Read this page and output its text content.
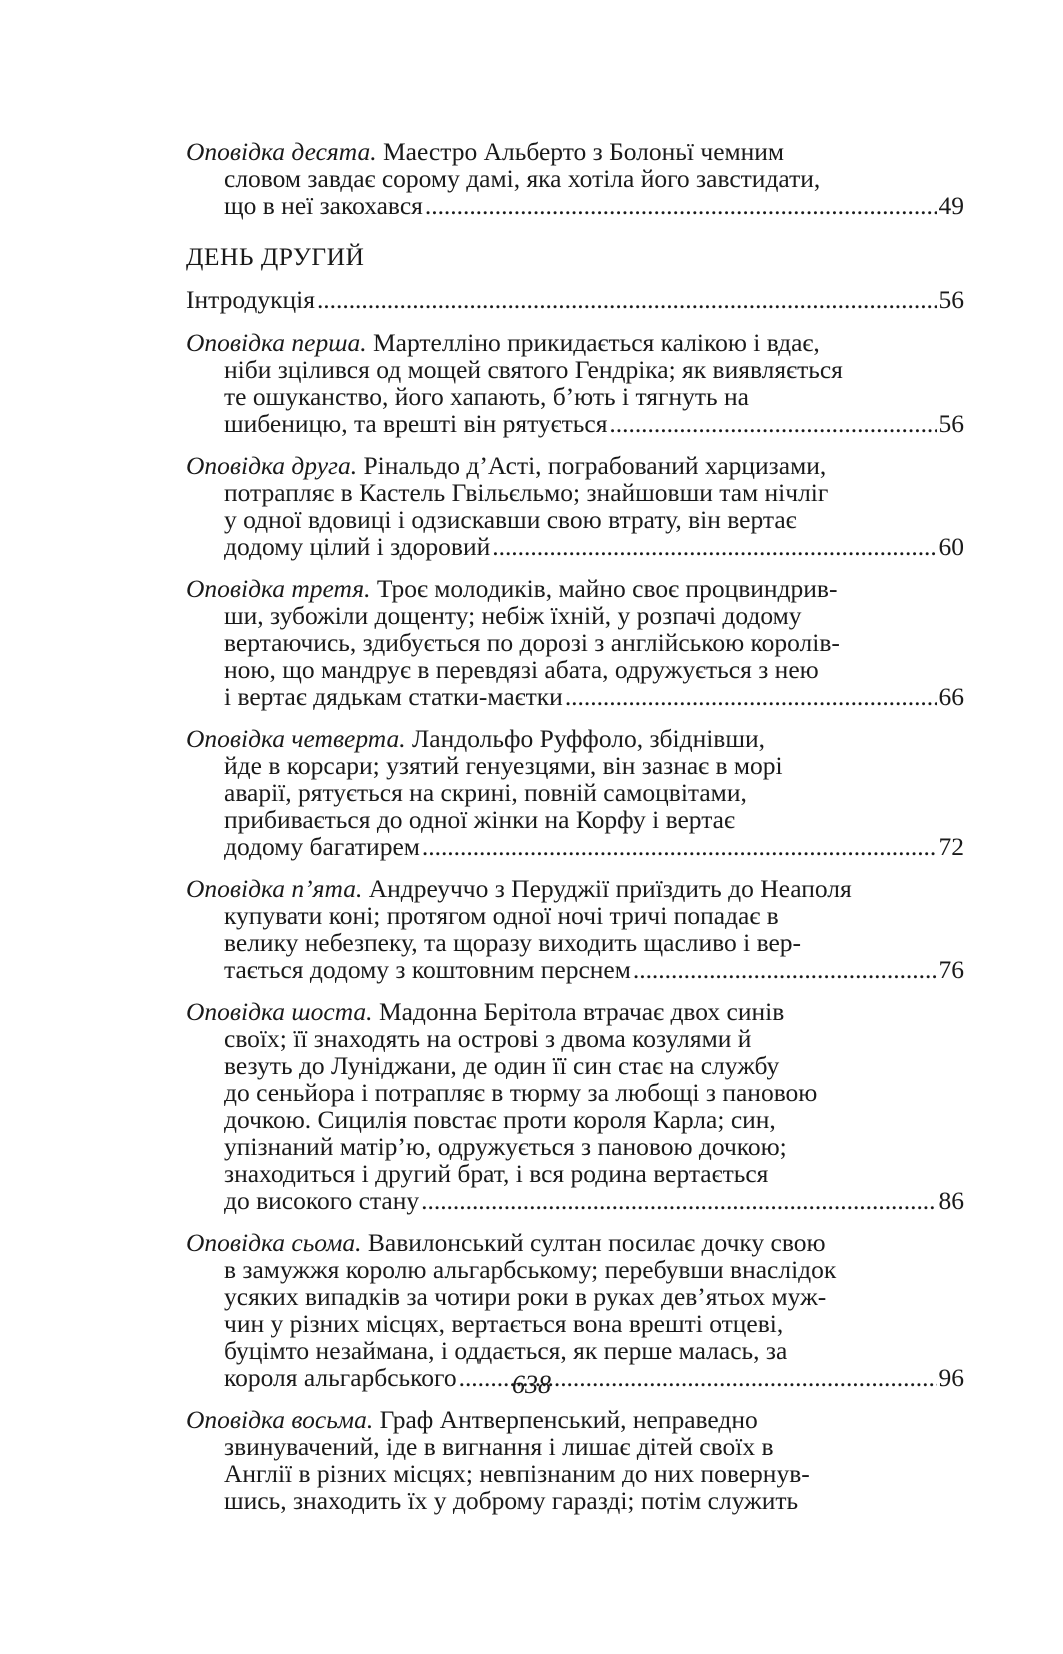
Оповідка десята. Маестро Альберто з Болоньї чемним
словом завдає сорому дамі, яка хотіла його завстидати,
що в неї закохався . . .	49
ДЕНЬ ДРУГИЙ
Інтродукція . . .	56
Оповідка перша. Мартелліно прикидається калікою і вдає,
ніби зцілився од мощей святого Гендріка; як виявляється
те ошуканство, його хапають, б’ють і тягнуть на
шибеницю, та врешті він рятується . . .	56
Оповідка друга. Рінальдо д’Асті, пограбований харцизами,
потрапляє в Кастель Гвільєльмо; знайшовши там нічліг
у одної вдовиці і одзискавши свою втрату, він вертає
додому цілий і здоровий . . .	60
Оповідка третя. Троє молодиків, майно своє процвиндрив-
ши, зубожіли дощенту; небіж їхній, у розпачі додому
вертаючись, здибується по дорозі з англійською королів-
ною, що мандрує в перевдязі абата, одружується з нею
і вертає дядькам статки-маєтки . . .	66
Оповідка четверта. Ландольфо Руффоло, збіднівши,
йде в корсари; узятий генуезцями, він зазнає в морі
аварії, рятується на скрині, повній самоцвітами,
прибивається до одної жінки на Корфу і вертає
додому багатирем . . .	72
Оповідка п’ята. Андреуччо з Перуджії приїздить до Неаполя
купувати коні; протягом одної ночі тричі попадає в
велику небезпеку, та щоразу виходить щасливо і вер-
тається додому з коштовним перснем . . .	76
Оповідка шоста. Мадонна Берітола втрачає двох синів
своїх; її знаходять на острові з двома козулями й
везуть до Луніджани, де один її син стає на службу
до сеньйора і потрапляє в тюрму за любощі з пановою
дочкою. Сицилія повстає проти короля Карла; син,
упізнаний матір’ю, одружується з пановою дочкою;
знаходиться і другий брат, і вся родина вертається
до високого стану . . .	86
Оповідка сьома. Вавилонський султан посилає дочку свою
в замужжя королю альгарбському; перебувши внаслідок
усяких випадків за чотири роки в руках дев’ятьох муж-
чин у різних місцях, вертається вона врешті отцеві,
буцімто незаймана, і оддається, як перше малась, за
короля альгарбського . . .	96
Оповідка восьма. Граф Антверпенський, неправедно
звинувачений, іде в вигнання і лишає дітей своїх в
Англії в різних місцях; невпізнаним до них повернув-
шись, знаходить їх у доброму гаразді; потім служить
638
